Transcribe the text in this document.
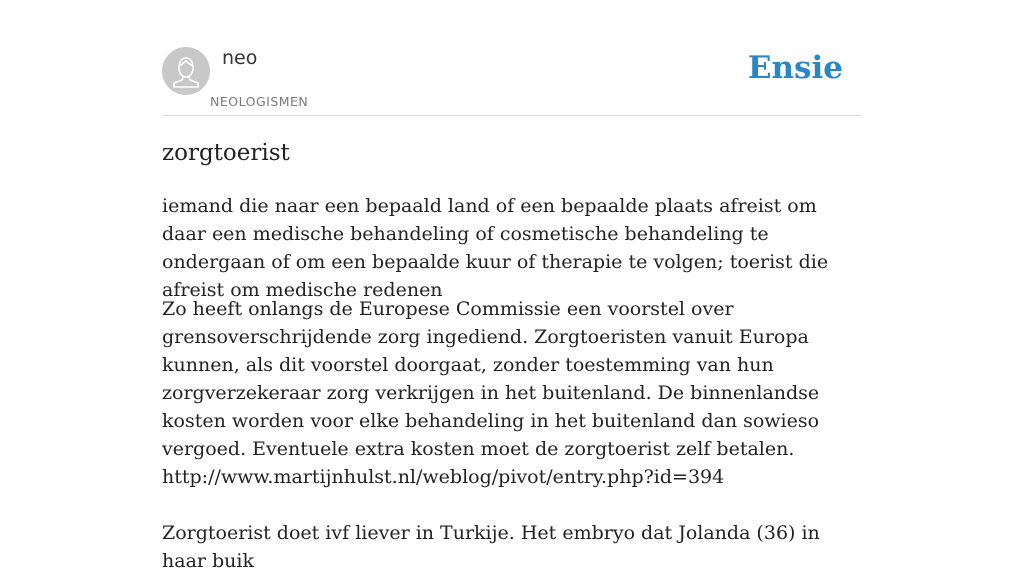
neo
NEOLOGISMEN
Ensie
zorgtoerist

iemand die naar een bepaald land of een bepaalde plaats afreist om daar een medische behandeling of cosmetische behandeling te ondergaan of om een bepaalde kuur of therapie te volgen; toerist die afreist om medische redenen

Zo heeft onlangs de Europese Commissie een voorstel over grensoverschrijdende zorg ingediend. Zorgtoeristen vanuit Europa kunnen, als dit voorstel doorgaat, zonder toestemming van hun zorgverzekeraar zorg verkrijgen in het buitenland. De binnenlandse kosten worden voor elke behandeling in het buitenland dan sowieso vergoed. Eventuele extra kosten moet de zorgtoerist zelf betalen.
http://www.martijnhulst.nl/weblog/pivot/entry.php?id=394

Zorgtoerist doet ivf liever in Turkije. Het embryo dat Jolanda (36) in haar buik
